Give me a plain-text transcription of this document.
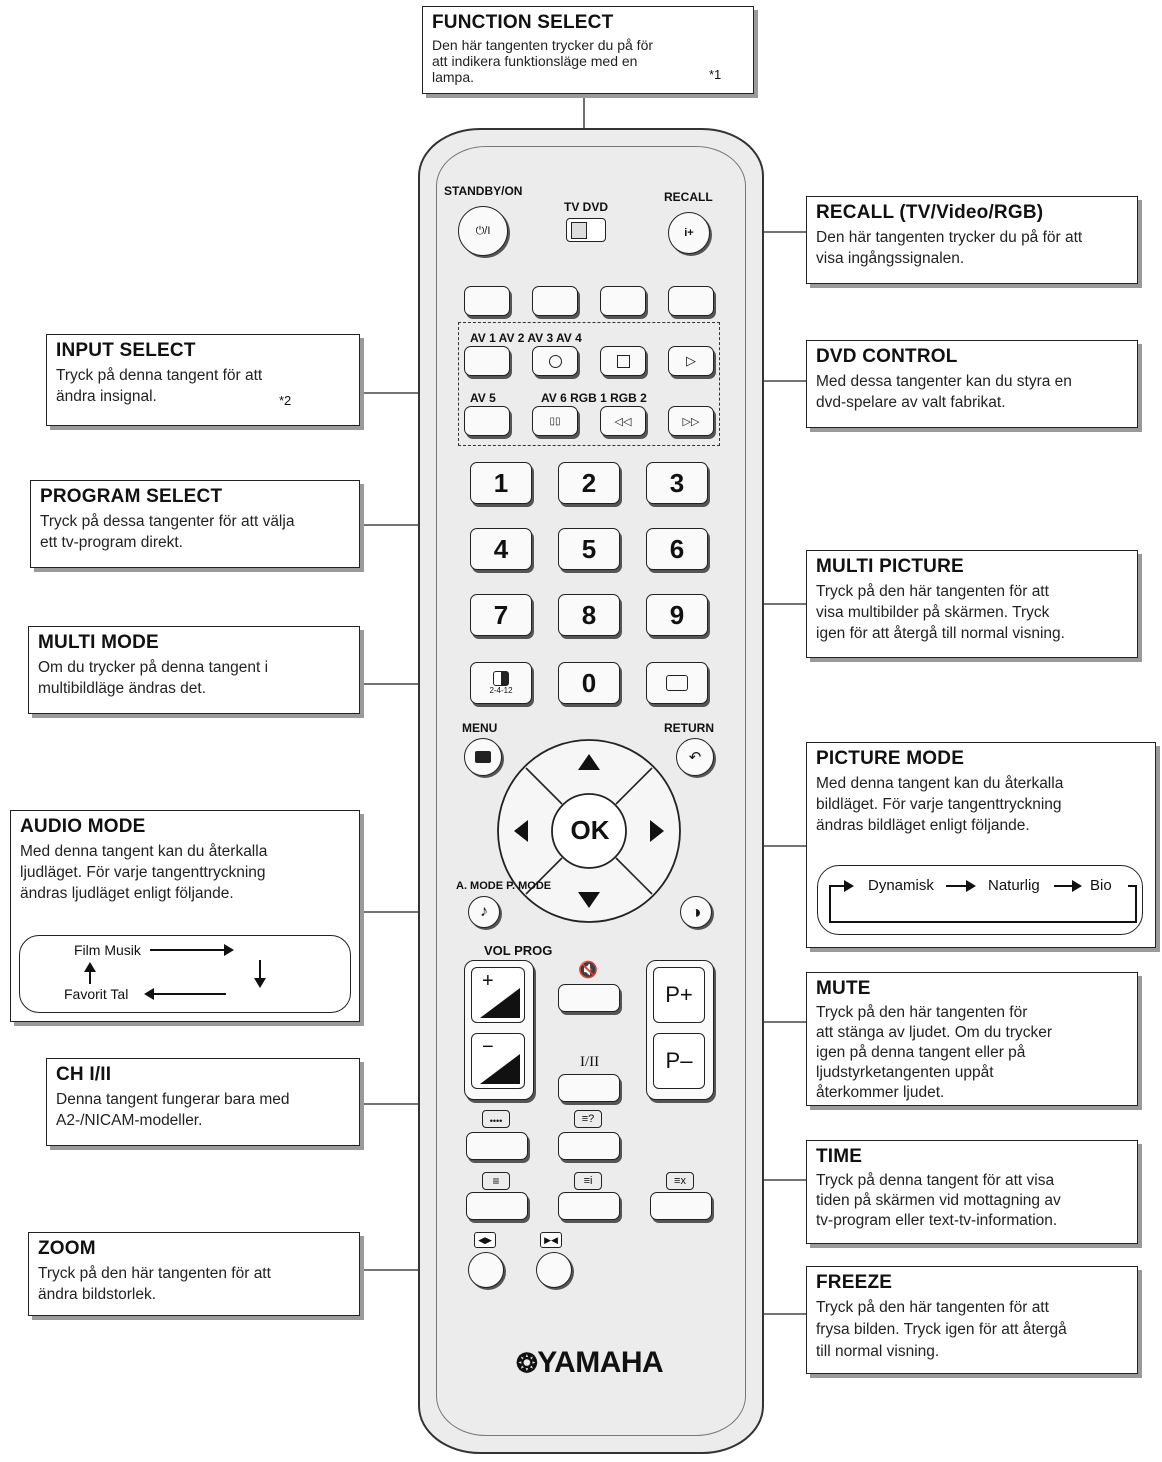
STANDBY/ON
⏻/I
TV DVD
RECALL
i+
AV 1 AV 2 AV 3 AV 4
▷
AV 5	AV 6 RGB 1 RGB 2
▯▯	◁◁	▷▷
1	2	3
4	5	6
7	8	9
2-4-12	0
MENU	RETURN
↶
OK
A. MODE P. MODE
♪	◑
VOL PROG
+
−
🔇
P+
P–
I/II
••••	≡?
≡	≡i	≡x
◀▶	▶◀
❂YAMAHA
FUNCTION SELECT

Den här tangenten trycker du på för
att indikera funktionsläge med en
lampa.	*1
RECALL (TV/Video/RGB)

Den här tangenten trycker du på för att
visa ingångssignalen.

INPUT SELECT

Tryck på denna tangent för att
ändra insignal.	*2
DVD CONTROL

Med dessa tangenter kan du styra en
dvd-spelare av valt fabrikat.

PROGRAM SELECT

Tryck på dessa tangenter för att välja
ett tv-program direkt.

MULTI PICTURE

Tryck på den här tangenten för att
visa multibilder på skärmen. Tryck
igen för att återgå till normal visning.

MULTI MODE

Om du trycker på denna tangent i
multibildläge ändras det.

PICTURE MODE

Med denna tangent kan du återkalla
bildläget. För varje tangenttryckning
ändras bildläget enligt följande.

Dynamisk	Naturlig	Bio
AUDIO MODE

Med denna tangent kan du återkalla
ljudläget. För varje tangenttryckning
ändras ljudläget enligt följande.

Film Musik
Favorit Tal	MUTE

Tryck på den här tangenten för
att stänga av ljudet. Om du trycker
igen på denna tangent eller på
ljudstyrketangenten uppåt
återkommer ljudet.

CH I/II

Denna tangent fungerar bara med
A2-/NICAM-modeller.

TIME

Tryck på denna tangent för att visa
tiden på skärmen vid mottagning av
tv-program eller text-tv-information.

ZOOM

Tryck på den här tangenten för att
ändra bildstorlek.

FREEZE

Tryck på den här tangenten för att
frysa bilden. Tryck igen för att återgå
till normal visning.
